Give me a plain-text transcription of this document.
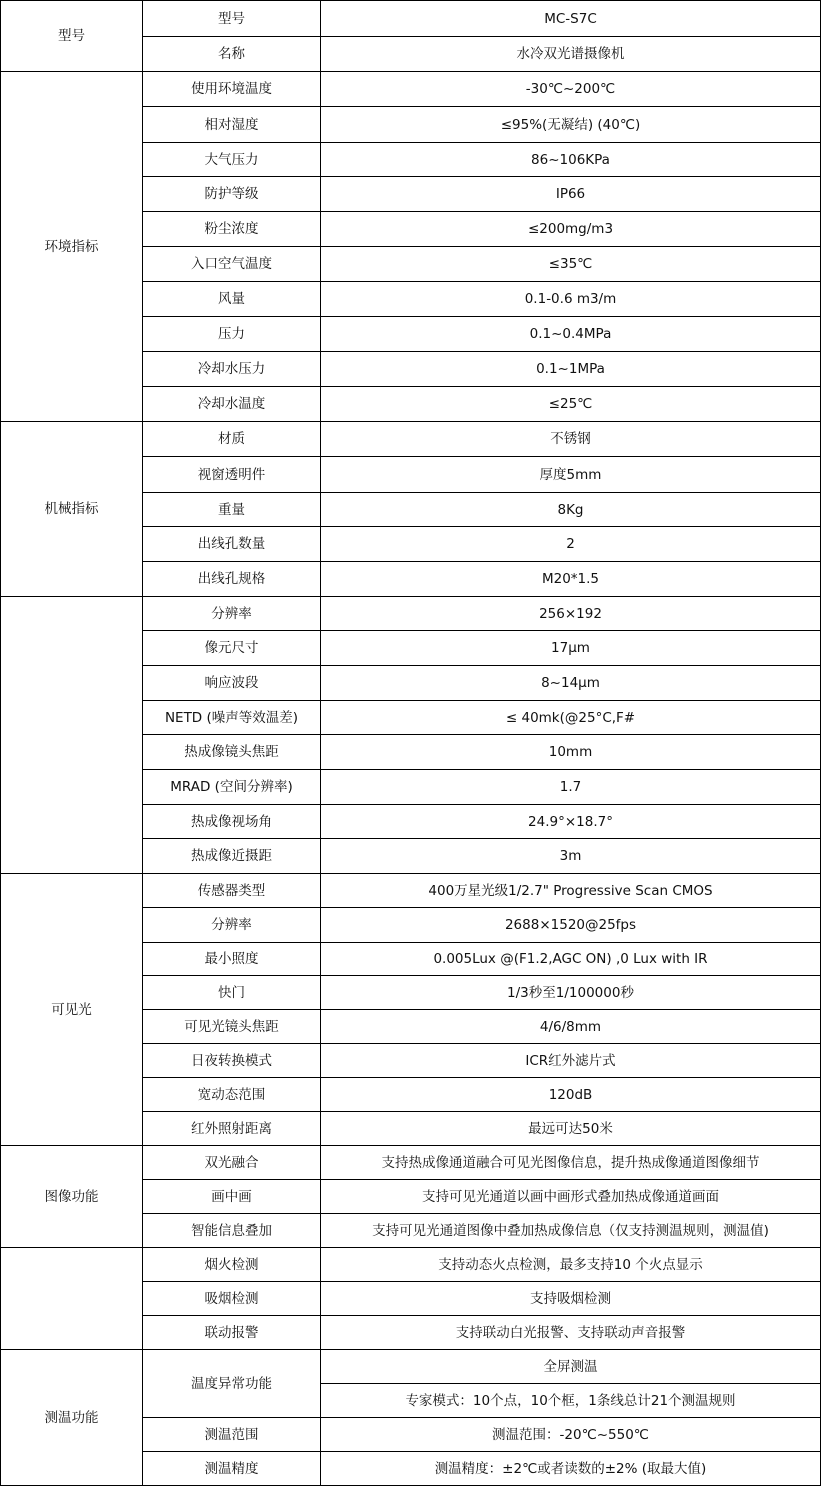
型号	型号	MC-S7C
	名称	水冷双光谱摄像机
环境指标	使用环境温度	-30℃~200℃
	相对湿度	≤95%(无凝结) (40℃)
	大气压力	86~106KPa
	防护等级	IP66
	粉尘浓度	≤200mg/m3
	入口空气温度	≤35℃
	风量	0.1-0.6 m3/m
	压力	0.1~0.4MPa
	冷却水压力	0.1~1MPa
	冷却水温度	≤25℃
机械指标	材质	不锈钢
	视窗透明件	厚度5mm
	重量	8Kg
	出线孔数量	2
	出线孔规格	M20*1.5
	分辨率	256×192
	像元尺寸	17μm
	响应波段	8~14μm
	NETD (噪声等效温差)	≤ 40mk(@25°C,F#
	热成像镜头焦距	10mm
	MRAD (空间分辨率)	1.7
	热成像视场角	24.9°×18.7°
	热成像近摄距	3m
可见光	传感器类型	400万星光级1/2.7" Progressive Scan CMOS
	分辨率	2688×1520@25fps
	最小照度	0.005Lux @(F1.2,AGC ON) ,0 Lux with IR
	快门	1/3秒至1/100000秒
	可见光镜头焦距	4/6/8mm
	日夜转换模式	ICR红外滤片式
	宽动态范围	120dB
	红外照射距离	最远可达50米
图像功能	双光融合	支持热成像通道融合可见光图像信息，提升热成像通道图像细节
	画中画	支持可见光通道以画中画形式叠加热成像通道画面
	智能信息叠加	支持可见光通道图像中叠加热成像信息（仅支持测温规则，测温值)
	烟火检测	支持动态火点检测，最多支持10 个火点显示
	吸烟检测	支持吸烟检测
	联动报警	支持联动白光报警、支持联动声音报警
测温功能	温度异常功能	全屏测温
		专家模式：10个点，10个框，1条线总计21个测温规则
	测温范围	测温范围：-20℃~550℃
	测温精度	测温精度：±2℃或者读数的±2% (取最大值)
